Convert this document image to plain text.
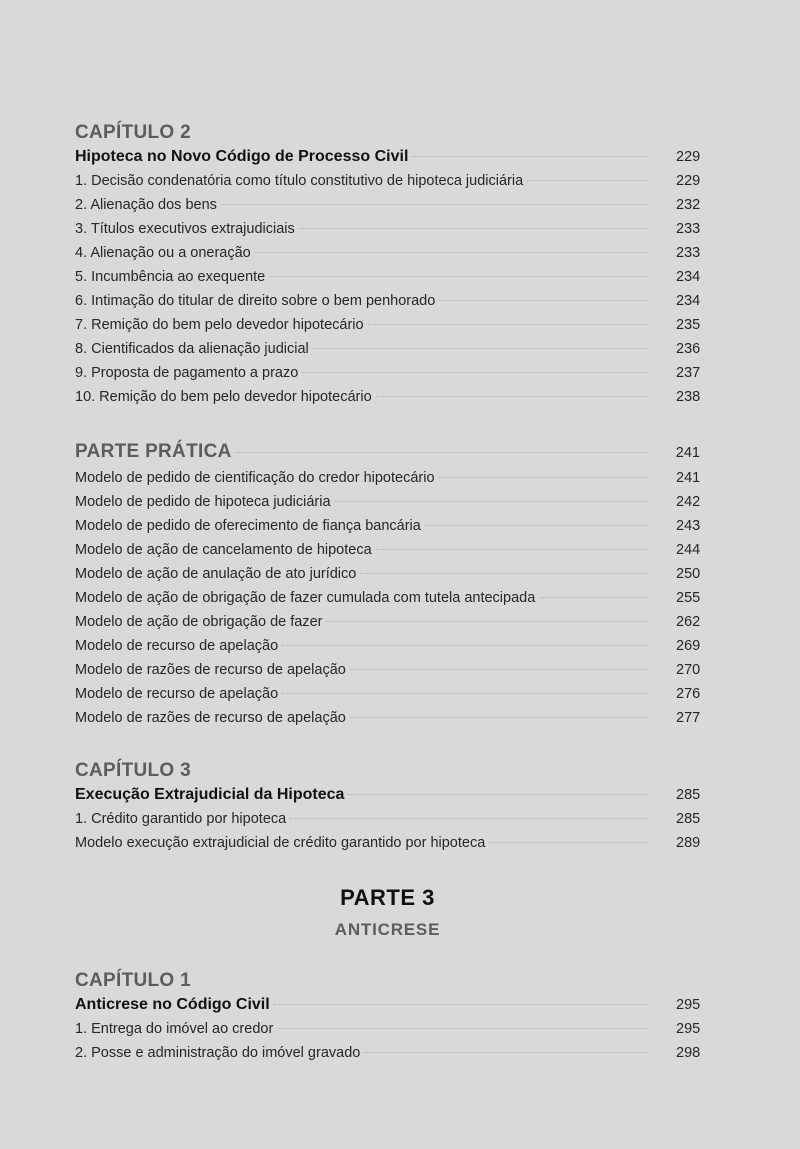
CAPÍTULO 2
Hipoteca no Novo Código de Processo Civil	229
1. Decisão condenatória como título constitutivo de hipoteca judiciária	229
2. Alienação dos bens	232
3. Títulos executivos extrajudiciais	233
4. Alienação ou a oneração	233
5. Incumbência ao exequente	234
6. Intimação do titular de direito sobre o bem penhorado	234
7. Remição do bem pelo devedor hipotecário	235
8. Cientificados da alienação judicial	236
9. Proposta de pagamento a prazo	237
10. Remição do bem pelo devedor hipotecário	238
PARTE PRÁTICA	241
Modelo de pedido de cientificação do credor hipotecário	241
Modelo de pedido de hipoteca judiciária	242
Modelo de pedido de oferecimento de fiança bancária	243
Modelo de ação de cancelamento de hipoteca	244
Modelo de ação de anulação de ato jurídico	250
Modelo de ação de obrigação de fazer cumulada com tutela antecipada	255
Modelo de ação de obrigação de fazer	262
Modelo de recurso de apelação	269
Modelo de razões de recurso de apelação	270
Modelo de recurso de apelação	276
Modelo de razões de recurso de apelação	277
CAPÍTULO 3
Execução Extrajudicial da Hipoteca	285
1. Crédito garantido por hipoteca	285
Modelo execução extrajudicial de crédito garantido por hipoteca	289
PARTE 3
ANTICRESE
CAPÍTULO 1
Anticrese no Código Civil	295
1. Entrega do imóvel ao credor	295
2. Posse e administração do imóvel gravado	298
